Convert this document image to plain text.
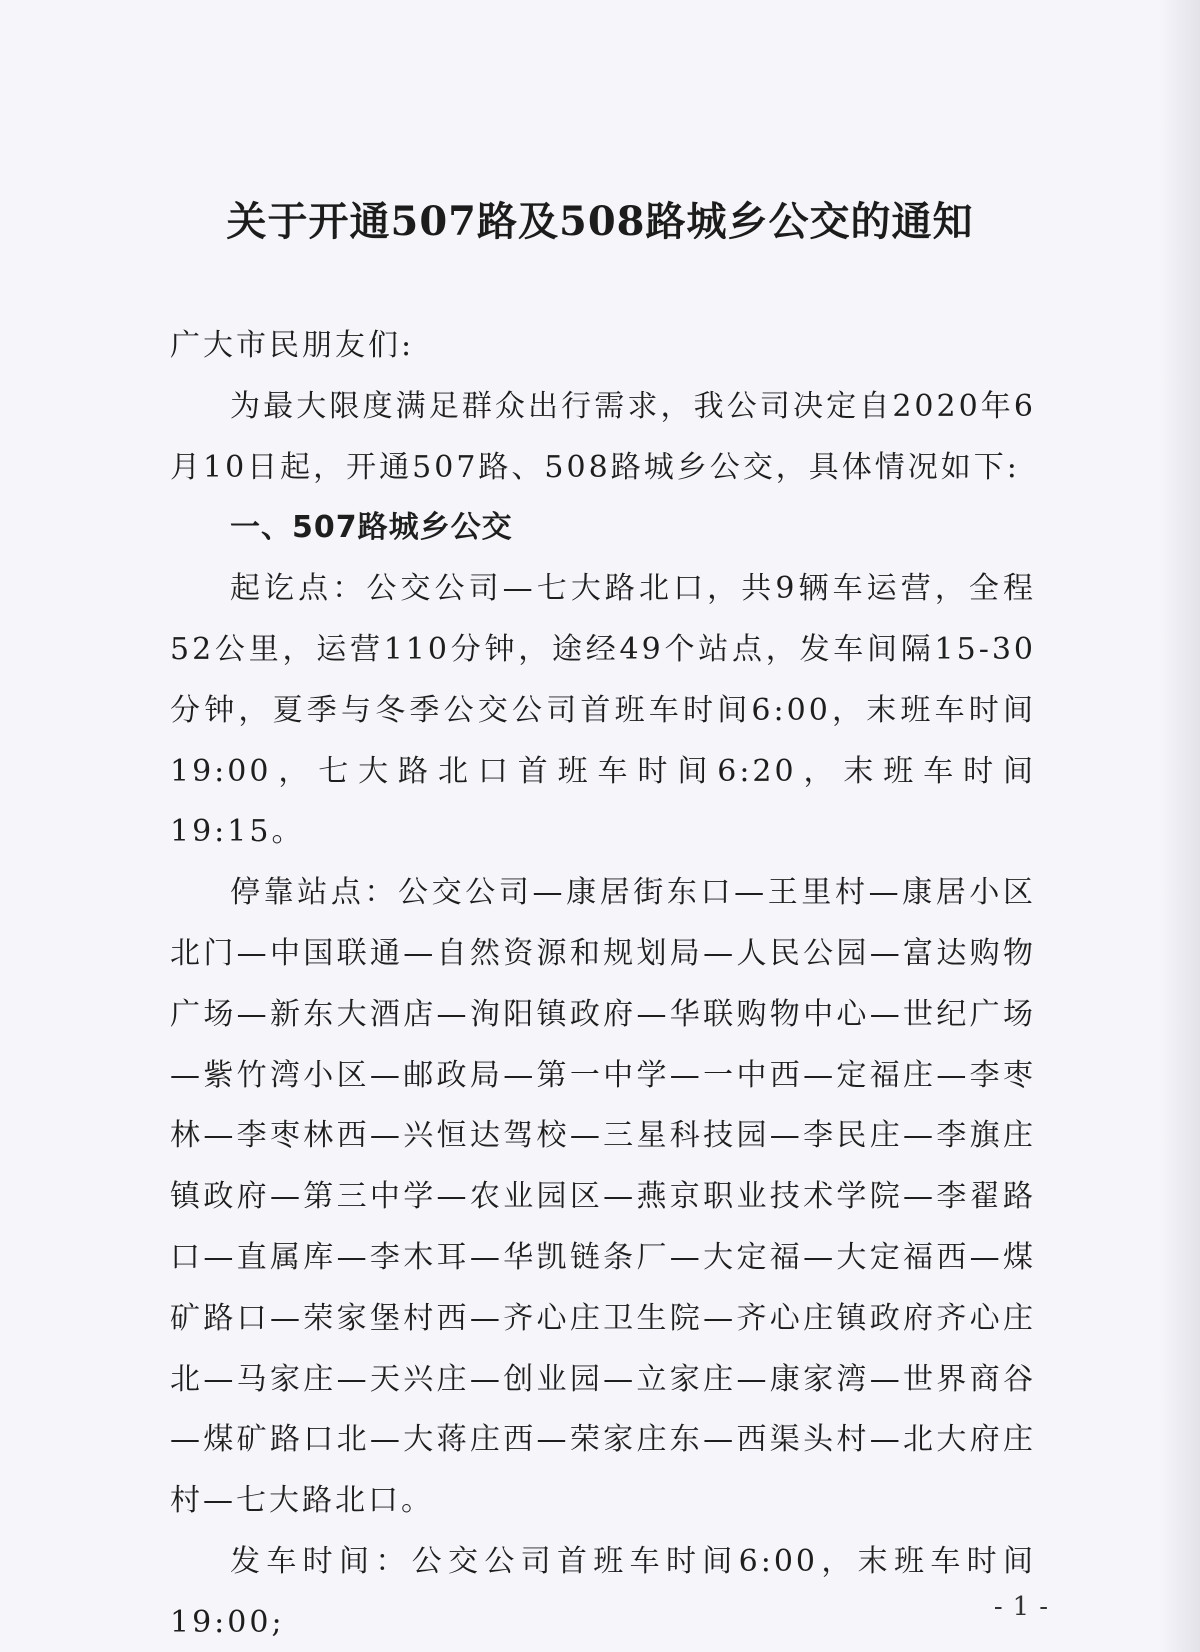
关于开通507路及508路城乡公交的通知

广大市民朋友们:

为最大限度满足群众出行需求，我公司决定自2020年6月10日起，开通507路、508路城乡公交，具体情况如下:

一、507路城乡公交

起讫点：公交公司—七大路北口，共9辆车运营，全程52公里，运营110分钟，途经49个站点，发车间隔15-30分钟，夏季与冬季公交公司首班车时间6:00，末班车时间19:00，七大路北口首班车时间6:20，末班车时间19:15。

停靠站点：公交公司—康居街东口—王里村—康居小区北门—中国联通—自然资源和规划局—人民公园—富达购物广场—新东大酒店—洵阳镇政府—华联购物中心—世纪广场—紫竹湾小区—邮政局—第一中学—一中西—定福庄—李枣林—李枣林西—兴恒达驾校—三星科技园—李民庄—李旗庄镇政府—第三中学—农业园区—燕京职业技术学院—李翟路口—直属库—李木耳—华凯链条厂—大定福—大定福西—煤矿路口—荣家堡村西—齐心庄卫生院—齐心庄镇政府齐心庄北—马家庄—天兴庄—创业园—立家庄—康家湾—世界商谷—煤矿路口北—大蒋庄西—荣家庄东—西渠头村—北大府庄村—七大路北口。

发车时间：公交公司首班车时间6:00，末班车时间19:00;	-1-
